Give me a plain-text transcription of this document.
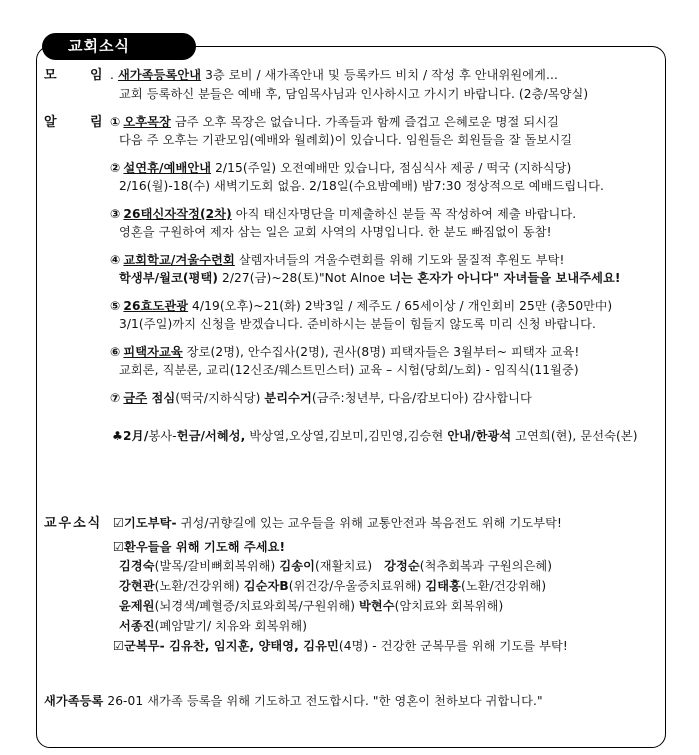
교회소식
모	임 . 새가족등록안내 3층 로비 / 새가족안내 및 등록카드 비치 / 작성 후 안내위원에게...
교회 등록하신 분들은 예배 후, 담임목사님과 인사하시고 가시기 바랍니다. (2층/목양실)
알	림 ① 오후목장 금주 오후 목장은 없습니다. 가족들과 함께 즐겁고 은혜로운 명절 되시길
다음 주 오후는 기관모임(예배와 월례회)이 있습니다. 임원들은 회원들을 잘 돌보시길
② 설연휴/예배안내 2/15(주일) 오전예배만 있습니다, 점심식사 제공 / 떡국 (지하식당)
2/16(월)-18(수) 새벽기도회 없음. 2/18일(수요밤예배) 밤7:30 정상적으로 예배드립니다.
③ 26태신자작정(2차) 아직 태신자명단을 미제출하신 분들 꼭 작성하여 제출 바랍니다.
영혼을 구원하여 제자 삼는 일은 교회 사역의 사명입니다. 한 분도 빠짐없이 동참!
④ 교회학교/겨울수련회 살렘자녀들의 겨울수련회를 위해 기도와 물질적 후원도 부탁!
학생부/월코(평택) 2/27(금)~28(토)"Not Alnoe 너는 혼자가 아니다" 자녀들을 보내주세요!
⑤ 26효도관광 4/19(오후)~21(화) 2박3일 / 제주도 / 65세이상 / 개인회비 25만 (총50만中)
3/1(주일)까지 신청을 받겠습니다. 준비하시는 분들이 힘들지 않도록 미리 신청 바랍니다.
⑥ 피택자교육 장로(2명), 안수집사(2명), 권사(8명) 피택자들은 3월부터~ 피택자 교육!
교회론, 직분론, 교리(12신조/웨스트민스터) 교육 – 시험(당회/노회) - 임직식(11월중)
⑦ 금주 점심(떡국/지하식당) 분리수거(금주:청년부, 다음/캄보디아) 감사합니다
♣2月/봉사-헌금/서혜성, 박상열,오상열,김보미,김민영,김승현 안내/한광석 고연희(현), 문선숙(본)
교우소식 ☑기도부탁- 귀성/귀향길에 있는 교우들을 위해 교통안전과 복음전도 위해 기도부탁!
☑환우들을 위해 기도해 주세요!
김경숙(발목/갈비뼈회복위해) 김송이(재활치료)   강정순(척추회복과 구원의은혜)
강현관(노환/건강위해) 김순자B(위건강/우울증치료위해) 김태홍(노환/건강위해)
윤제원(뇌경색/폐혈증/치료와회복/구원위해) 박현수(암치료와 회복위해)
서종진(폐암말기/ 치유와 회복위해)
☑군복무- 김유찬, 임지훈, 양태영, 김유민(4명) - 건강한 군복무를 위해 기도를 부탁!
새가족등록 26-01 새가족 등록을 위해 기도하고 전도합시다. "한 영혼이 천하보다 귀합니다."
